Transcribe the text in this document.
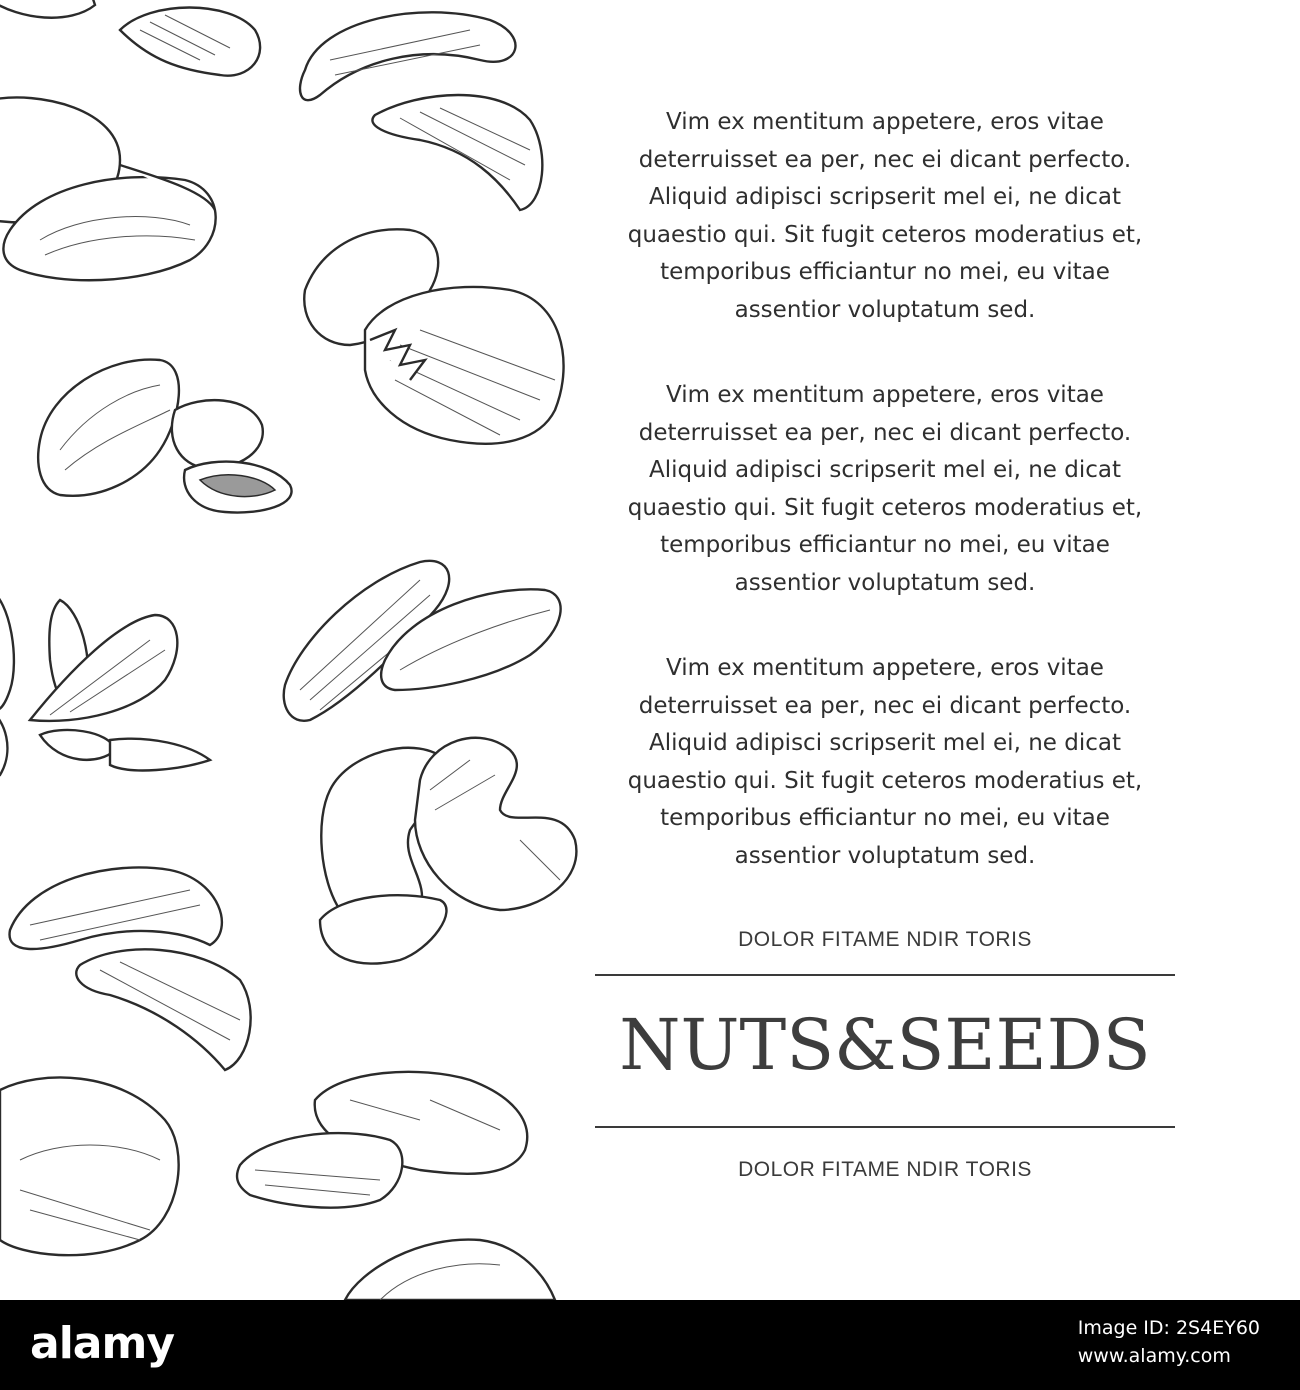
Vim ex mentitum appetere, eros vitae
deterruisset ea per, nec ei dicant perfecto.
Aliquid adipisci scripserit mel ei, ne dicat
quaestio qui. Sit fugit ceteros moderatius et,
temporibus efficiantur no mei, eu vitae
assentior voluptatum sed.

Vim ex mentitum appetere, eros vitae
deterruisset ea per, nec ei dicant perfecto.
Aliquid adipisci scripserit mel ei, ne dicat
quaestio qui. Sit fugit ceteros moderatius et,
temporibus efficiantur no mei, eu vitae
assentior voluptatum sed.

Vim ex mentitum appetere, eros vitae
deterruisset ea per, nec ei dicant perfecto.
Aliquid adipisci scripserit mel ei, ne dicat
quaestio qui. Sit fugit ceteros moderatius et,
temporibus efficiantur no mei, eu vitae
assentior voluptatum sed.

DOLOR FITAME NDIR TORIS
NUTS&SEEDS
DOLOR FITAME NDIR TORIS
alamy	Image ID: 2S4EY60
www.alamy.com
